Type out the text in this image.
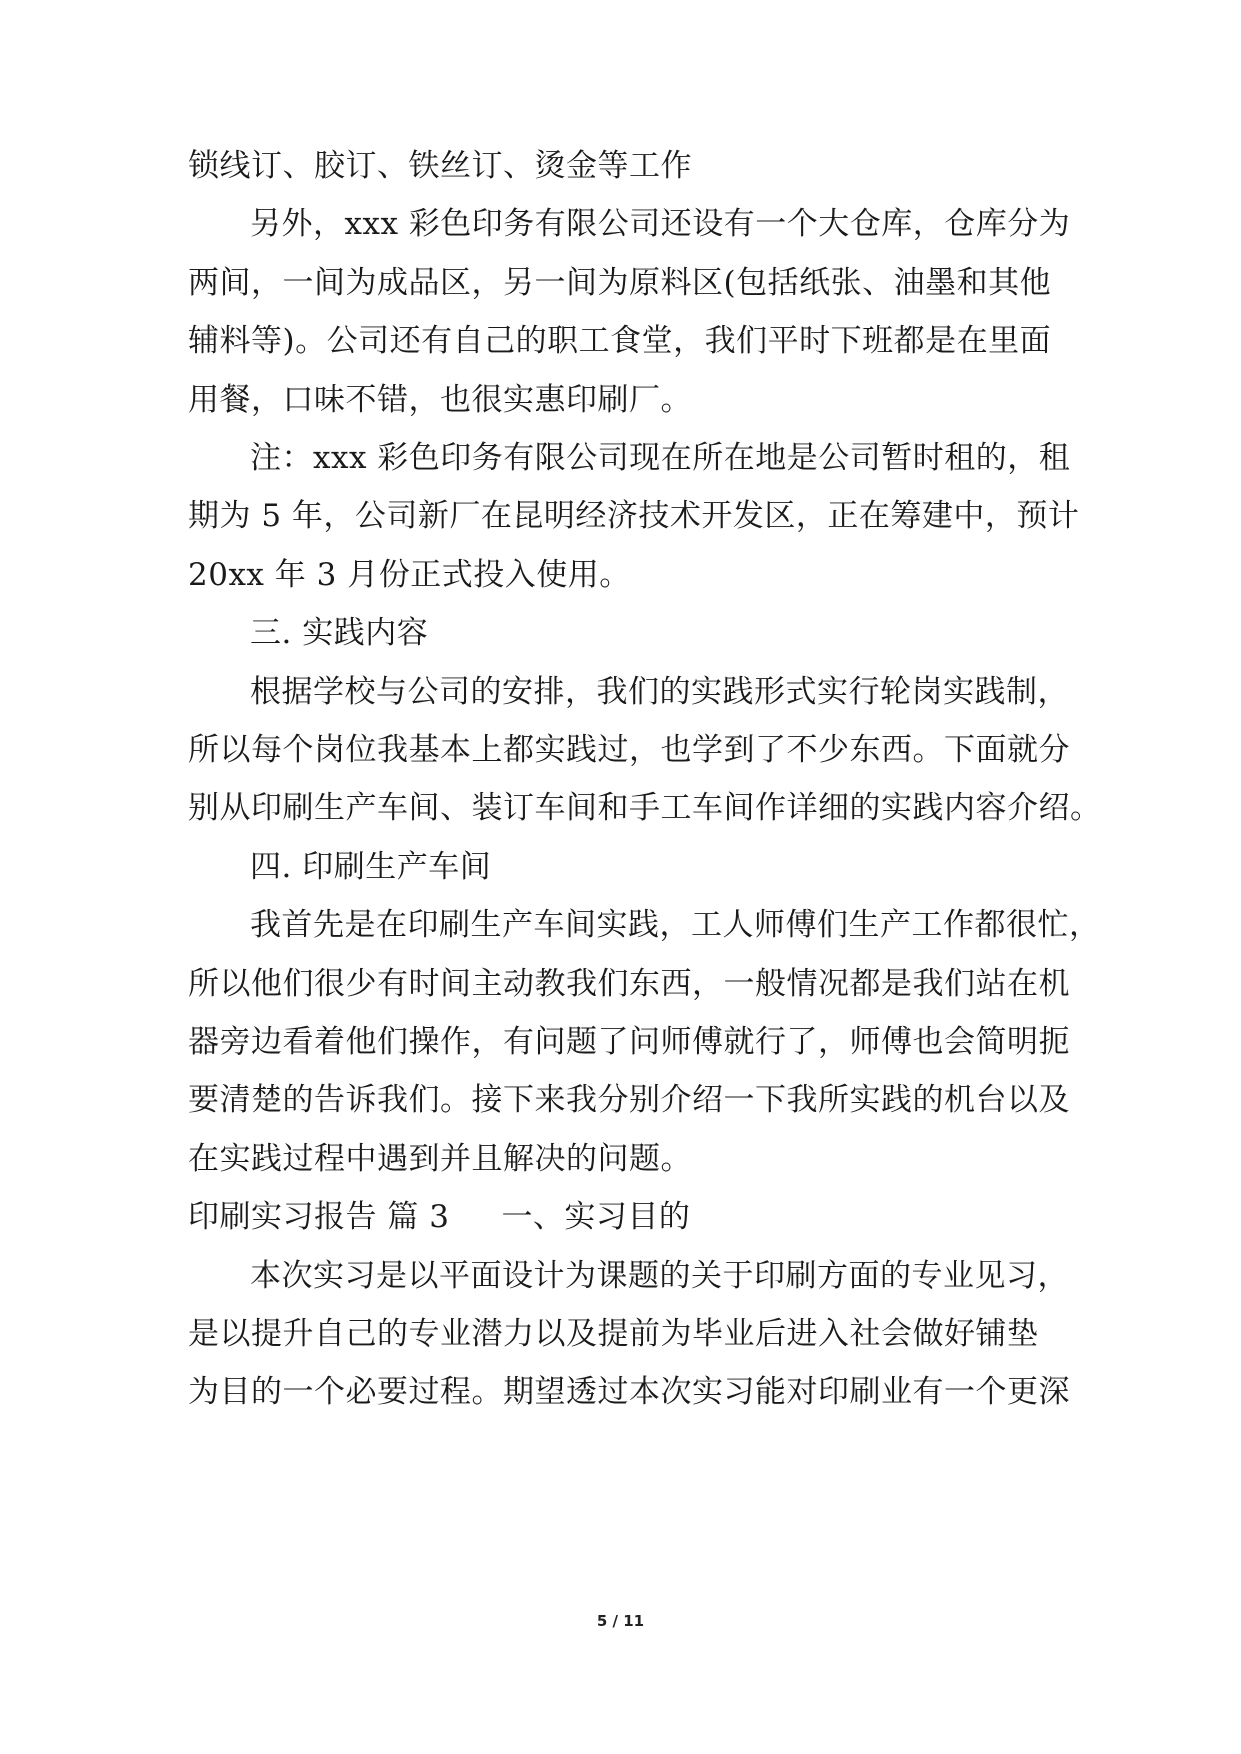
锁线订、胶订、铁丝订、烫金等工作
另外，xxx 彩色印务有限公司还设有一个大仓库，仓库分为
两间，一间为成品区，另一间为原料区(包括纸张、油墨和其他
辅料等)。公司还有自己的职工食堂，我们平时下班都是在里面
用餐，口味不错，也很实惠印刷厂。
注：xxx 彩色印务有限公司现在所在地是公司暂时租的，租
期为 5 年，公司新厂在昆明经济技术开发区，正在筹建中，预计
20xx 年 3 月份正式投入使用。
三. 实践内容
根据学校与公司的安排，我们的实践形式实行轮岗实践制，
所以每个岗位我基本上都实践过，也学到了不少东西。下面就分
别从印刷生产车间、装订车间和手工车间作详细的实践内容介绍。
四. 印刷生产车间
我首先是在印刷生产车间实践，工人师傅们生产工作都很忙，
所以他们很少有时间主动教我们东西，一般情况都是我们站在机
器旁边看着他们操作，有问题了问师傅就行了，师傅也会简明扼
要清楚的告诉我们。接下来我分别介绍一下我所实践的机台以及
在实践过程中遇到并且解决的问题。
印刷实习报告 篇 3 一、实习目的
本次实习是以平面设计为课题的关于印刷方面的专业见习，
是以提升自己的专业潜力以及提前为毕业后进入社会做好铺垫
为目的一个必要过程。期望透过本次实习能对印刷业有一个更深
5 / 11
